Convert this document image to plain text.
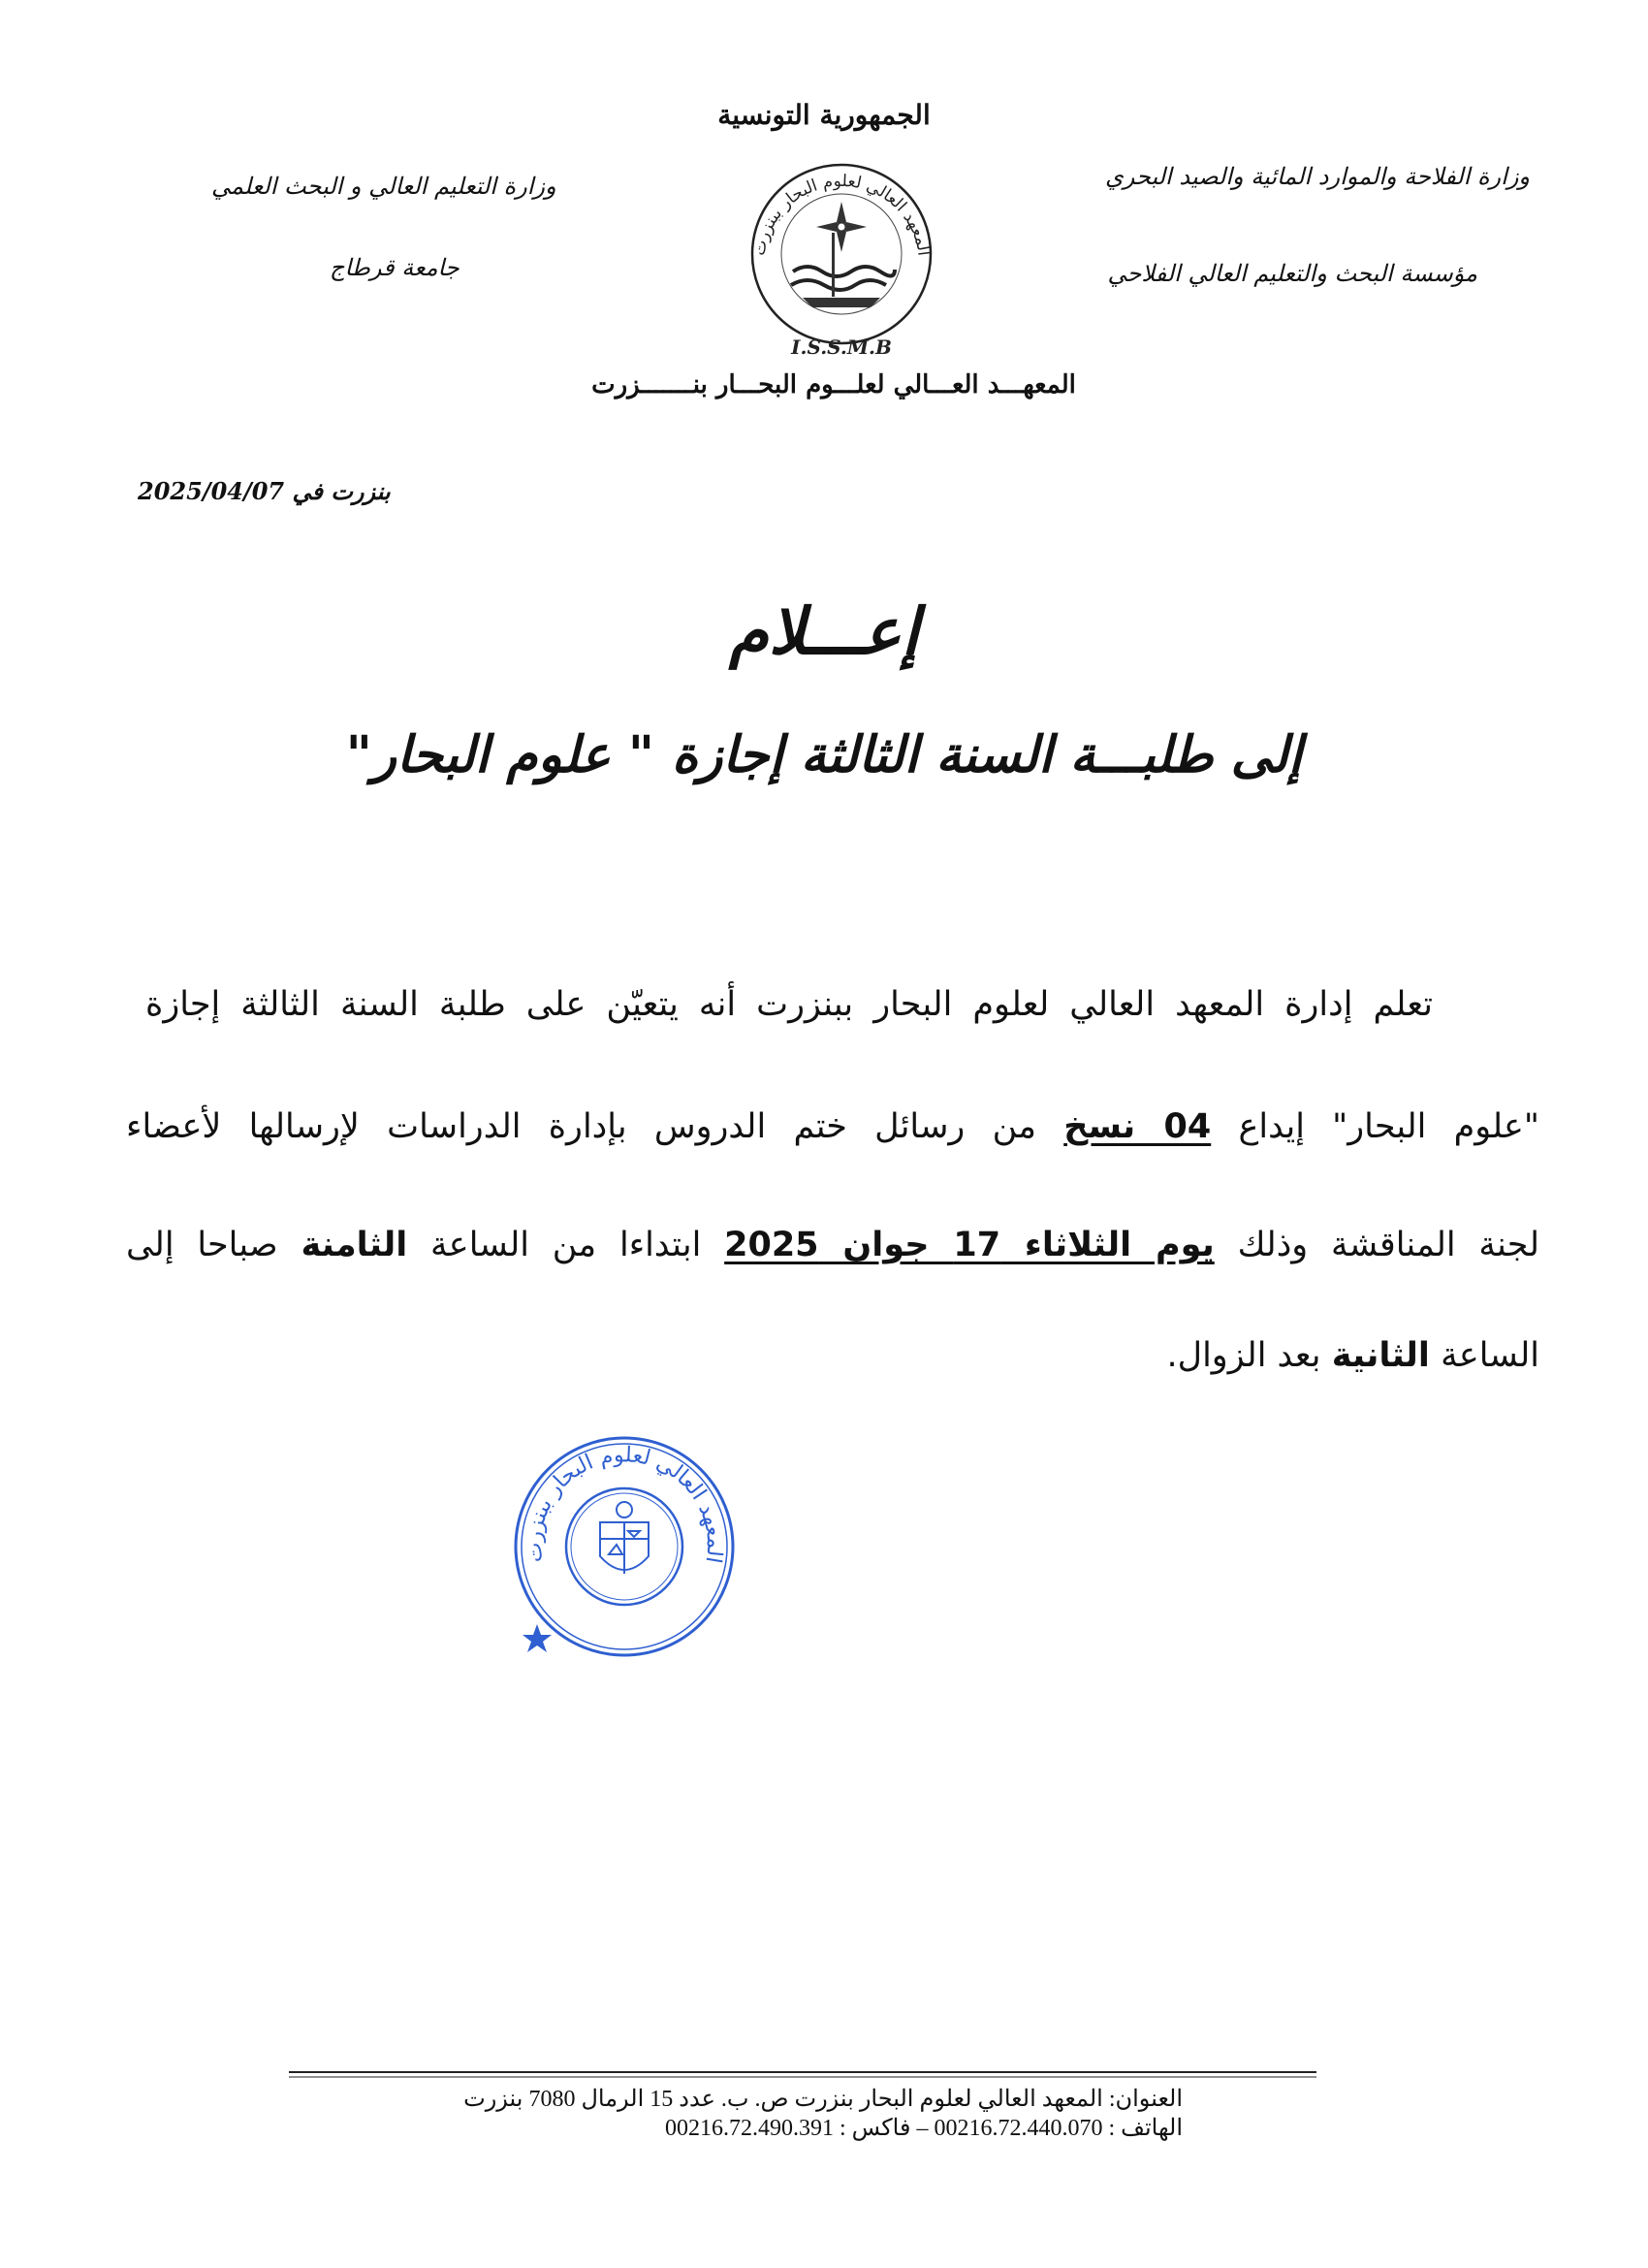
الجمهورية التونسية
وزارة الفلاحة والموارد المائية والصيد البحري
مؤسسة البحث والتعليم العالي الفلاحي
وزارة التعليم العالي و البحث العلمي
جامعة قرطاج
المعهد العالي لعلوم البحار ببنزرت
I.S.S.M.B
المعهـــد العـــالي لعلـــوم البحـــار بنـــــــزرت
بنزرت في 2025/04/07
إعـــلام
إلى طلبـــة السنة الثالثة إجازة " علوم البحار"
تعلم إدارة المعهد العالي لعلوم البحار ببنزرت أنه يتعيّن على طلبة السنة الثالثة إجازة
"علوم البحار" إيداع 04 نسخ من رسائل ختم الدروس بإدارة الدراسات لإرسالها لأعضاء
لجنة المناقشة وذلك يوم الثلاثاء 17 جوان 2025 ابتداءا من الساعة الثامنة صباحا إلى
الساعة الثانية بعد الزوال.
المعهد العالي لعلوم البحار ببنزرت
العنوان: المعهد العالي لعلوم البحار بنزرت ص. ب. عدد 15 الرمال 7080 بنزرت
الهاتف : 00216.72.440.070 – فاكس : 00216.72.490.391
